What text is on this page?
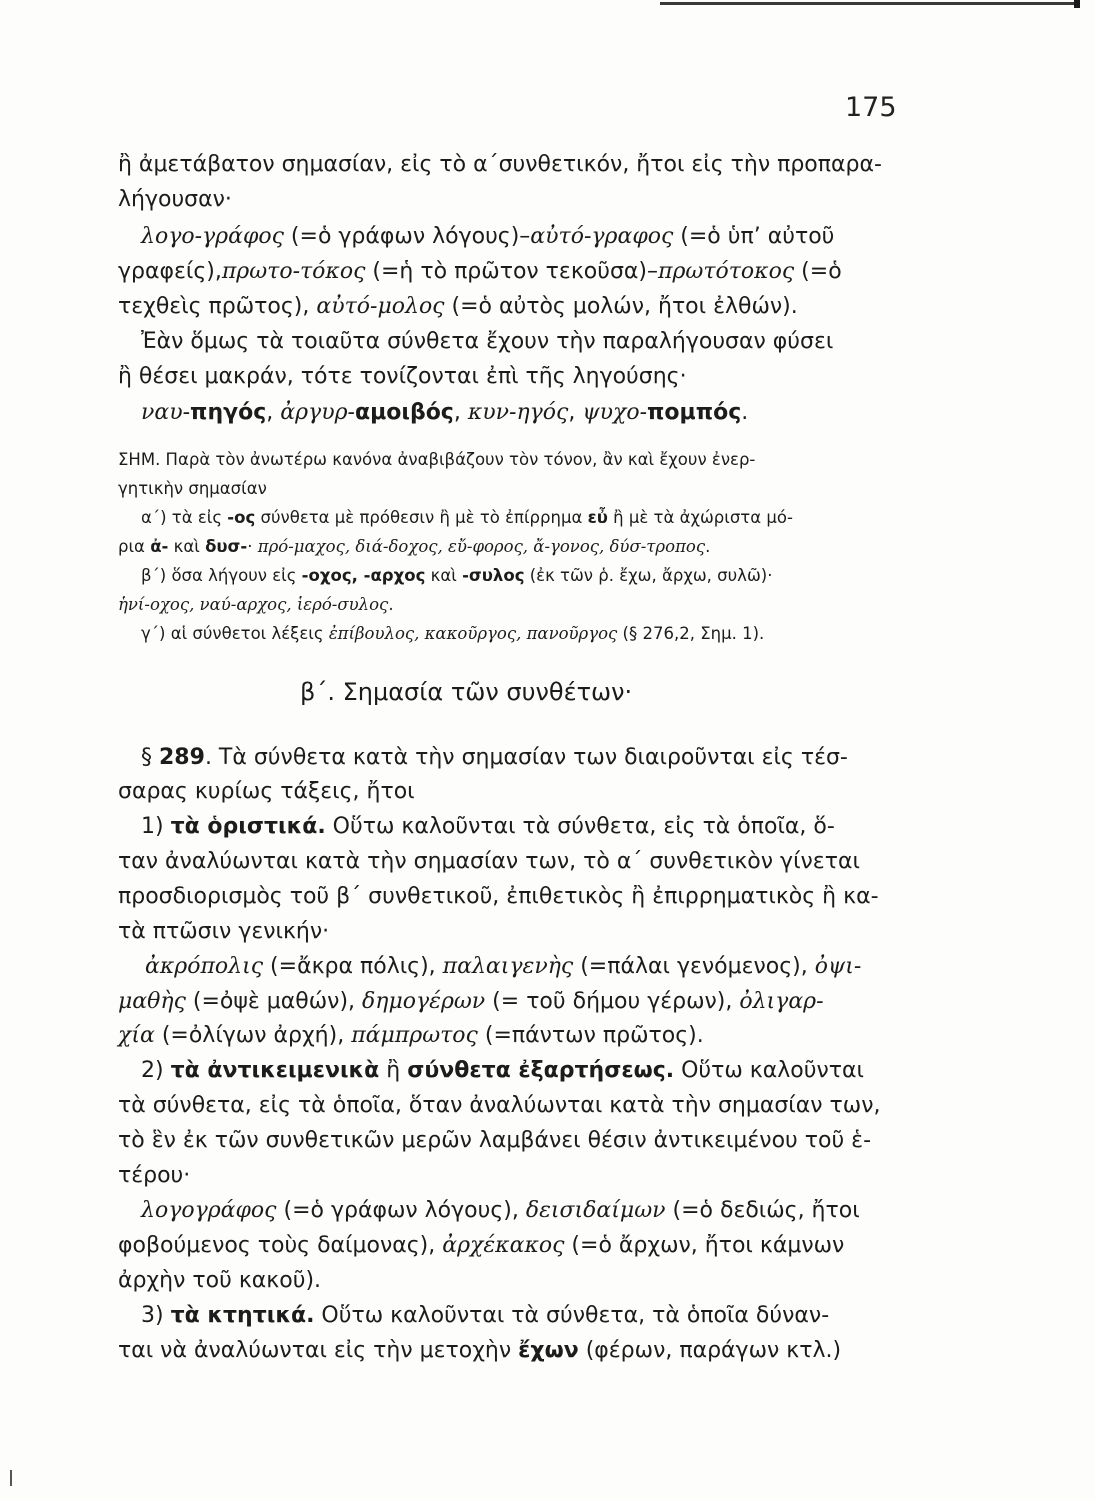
175
ἢ ἀμετάβατον σημασίαν, εἰς τὸ α΄συνθετικόν, ἤτοι εἰς τὴν προπαρα-
λήγουσαν·
λογο-γράφος (=ὁ γράφων λόγους)–αὐτό-γραφος (=ὁ ὑπ’ αὐτοῦ
γραφείς),πρωτο-τόκος (=ἡ τὸ πρῶτον τεκοῦσα)–πρωτότοκος (=ὁ
τεχθεὶς πρῶτος), αὐτό-μολος (=ὁ αὐτὸς μολών, ἤτοι ἐλθών).
Ἐὰν ὅμως τὰ τοιαῦτα σύνθετα ἔχουν τὴν παραλήγουσαν φύσει
ἢ θέσει μακράν, τότε τονίζονται ἐπὶ τῆς ληγούσης·
ναυ-πηγός, ἀργυρ-αμοιβός, κυν-ηγός, ψυχο-πομπός.
ΣΗΜ. Παρὰ τὸν ἀνωτέρω κανόνα ἀναβιβάζουν τὸν τόνον, ἂν καὶ ἔχουν ἐνερ-
γητικὴν σημασίαν
α΄) τὰ εἰς -ος σύνθετα μὲ πρόθεσιν ἢ μὲ τὸ ἐπίρρημα εὖ ἢ μὲ τὰ ἀχώριστα μό-
ρια ἀ- καὶ δυσ-· πρό-μαχος, διά-δοχος, εὔ-φορος, ἄ-γονος, δύσ-τροπος.
β΄) ὅσα λήγουν εἰς -οχος, -αρχος καὶ -συλος (ἐκ τῶν ῥ. ἔχω, ἄρχω, συλῶ)·
ἡνί-οχος, ναύ-αρχος, ἱερό-συλος.
γ΄) αἱ σύνθετοι λέξεις ἐπίβουλος, κακοῦργος, πανοῦργος (§ 276,2, Σημ. 1).
β΄. Σημασία τῶν συνθέτων·
§ 289. Τὰ σύνθετα κατὰ τὴν σημασίαν των διαιροῦνται εἰς τέσ-
σαρας κυρίως τάξεις, ἤτοι
1) τὰ ὁριστικά. Οὕτω καλοῦνται τὰ σύνθετα, εἰς τὰ ὁποῖα, ὅ-
ταν ἀναλύωνται κατὰ τὴν σημασίαν των, τὸ α΄ συνθετικὸν γίνεται
προσδιορισμὸς τοῦ β΄ συνθετικοῦ, ἐπιθετικὸς ἢ ἐπιρρηματικὸς ἢ κα-
τὰ πτῶσιν γενικήν·
ἀκρόπολις (=ἄκρα πόλις), παλαιγενὴς (=πάλαι γενόμενος), ὀψι-
μαθὴς (=ὀψὲ μαθών), δημογέρων (= τοῦ δήμου γέρων), ὀλιγαρ-
χία (=ὀλίγων ἀρχή), πάμπρωτος (=πάντων πρῶτος).
2) τὰ ἀντικειμενικὰ ἢ σύνθετα ἐξαρτήσεως. Οὕτω καλοῦνται
τὰ σύνθετα, εἰς τὰ ὁποῖα, ὅταν ἀναλύωνται κατὰ τὴν σημασίαν των,
τὸ ἓν ἐκ τῶν συνθετικῶν μερῶν λαμβάνει θέσιν ἀντικειμένου τοῦ ἑ-
τέρου·
λογογράφος (=ὁ γράφων λόγους), δεισιδαίμων (=ὁ δεδιώς, ἤτοι
φοβούμενος τοὺς δαίμονας), ἀρχέκακος (=ὁ ἄρχων, ἤτοι κάμνων
ἀρχὴν τοῦ κακοῦ).
3) τὰ κτητικά. Οὕτω καλοῦνται τὰ σύνθετα, τὰ ὁποῖα δύναν-
ται νὰ ἀναλύωνται εἰς τὴν μετοχὴν ἔχων (φέρων, παράγων κτλ.)
